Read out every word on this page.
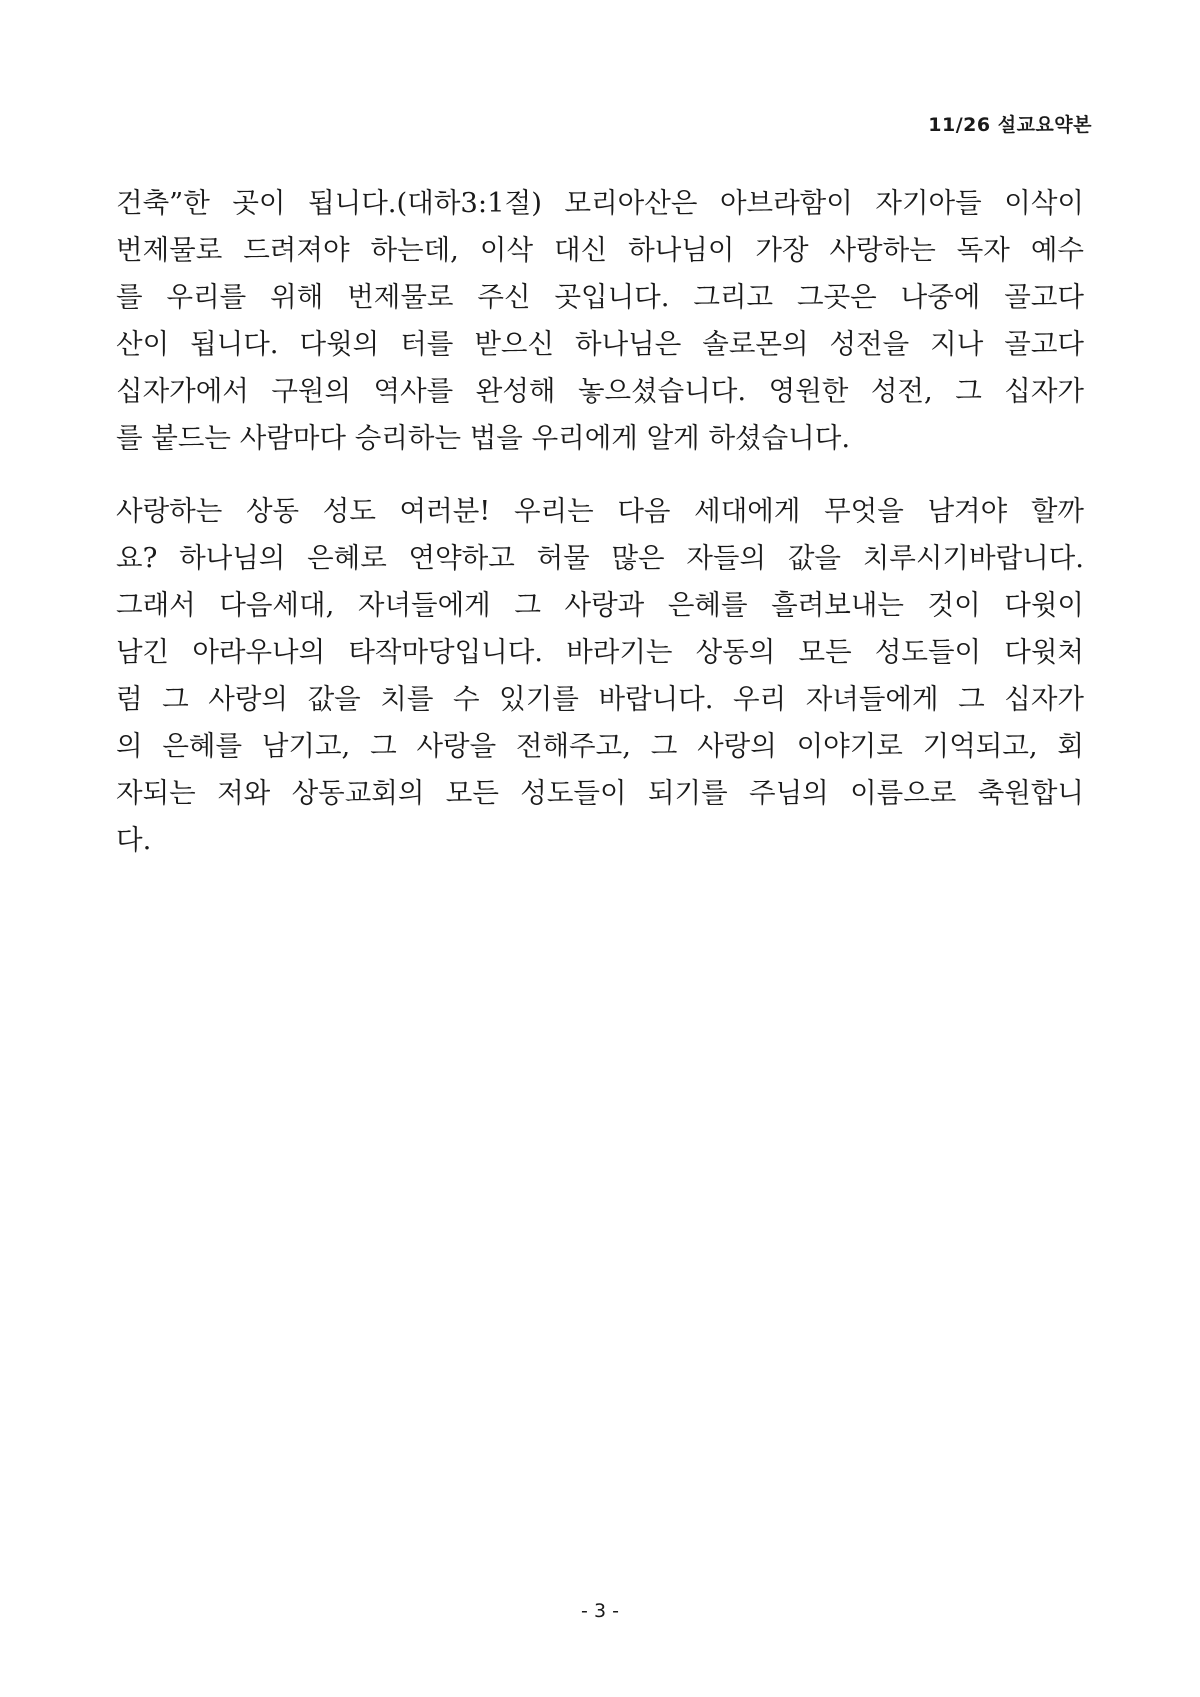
11/26 설교요약본
건축”한 곳이 됩니다.(대하3:1절) 모리아산은 아브라함이 자기아들 이삭이
번제물로 드려져야 하는데, 이삭 대신 하나님이 가장 사랑하는 독자 예수
를 우리를 위해 번제물로 주신 곳입니다. 그리고 그곳은 나중에 골고다
산이 됩니다. 다윗의 터를 받으신 하나님은 솔로몬의 성전을 지나 골고다
십자가에서 구원의 역사를 완성해 놓으셨습니다. 영원한 성전, 그 십자가
를 붙드는 사람마다 승리하는 법을 우리에게 알게 하셨습니다.
사랑하는 상동 성도 여러분! 우리는 다음 세대에게 무엇을 남겨야 할까
요? 하나님의 은혜로 연약하고 허물 많은 자들의 값을 치루시기바랍니다.
그래서 다음세대, 자녀들에게 그 사랑과 은혜를 흘려보내는 것이 다윗이
남긴 아라우나의 타작마당입니다. 바라기는 상동의 모든 성도들이 다윗처
럼 그 사랑의 값을 치를 수 있기를 바랍니다. 우리 자녀들에게 그 십자가
의 은혜를 남기고, 그 사랑을 전해주고, 그 사랑의 이야기로 기억되고, 회
자되는 저와 상동교회의 모든 성도들이 되기를 주님의 이름으로 축원합니
다.
- 3 -
